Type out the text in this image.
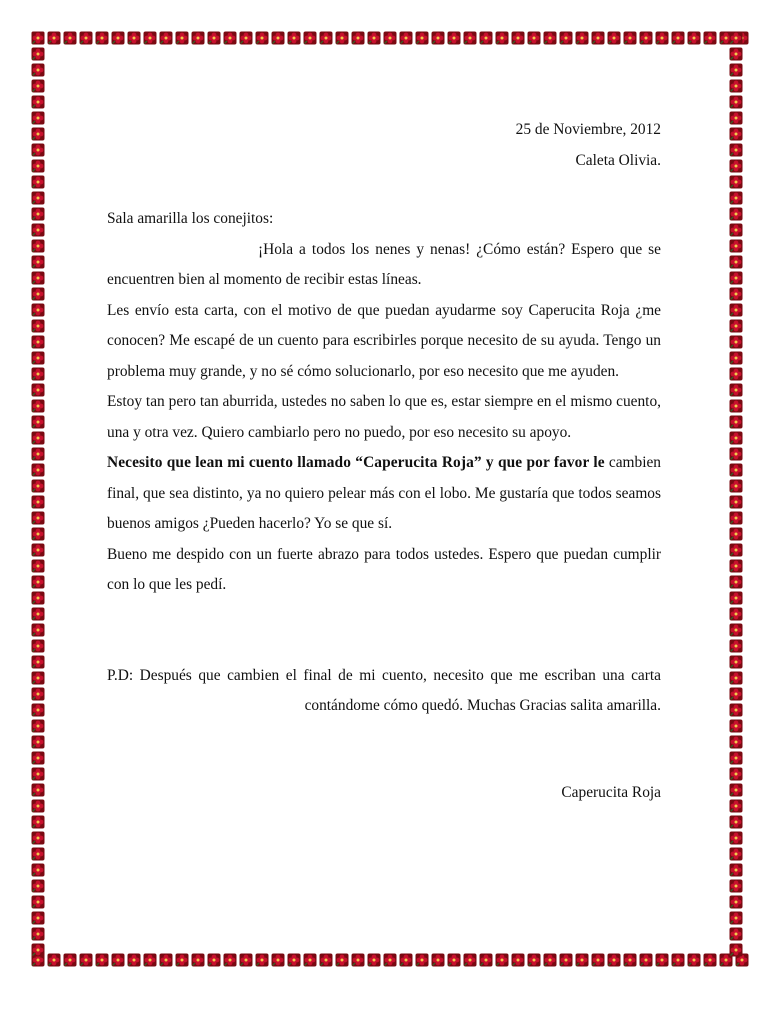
25 de Noviembre, 2012
Caleta Olivia.
Sala amarilla los conejitos:

¡Hola a todos los nenes y nenas! ¿Cómo están? Espero que se encuentren bien al momento de recibir estas líneas.

Les envío esta carta, con el motivo de que puedan ayudarme soy Caperucita Roja ¿me conocen? Me escapé de un cuento para escribirles porque necesito de su ayuda. Tengo un problema muy grande, y no sé cómo solucionarlo, por eso necesito que me ayuden.

Estoy tan pero tan aburrida, ustedes no saben lo que es, estar siempre en el mismo cuento, una y otra vez. Quiero cambiarlo pero no puedo, por eso necesito su apoyo.

Necesito que lean mi cuento llamado “Caperucita Roja” y que por favor le cambien final, que sea distinto, ya no quiero pelear más con el lobo. Me gustaría que todos seamos buenos amigos ¿Pueden hacerlo? Yo se que sí.

Bueno me despido con un fuerte abrazo para todos ustedes. Espero que puedan cumplir con lo que les pedí.

P.D: Después que cambien el final de mi cuento, necesito que me escriban una carta contándome cómo quedó. Muchas Gracias salita amarilla.

Caperucita Roja
